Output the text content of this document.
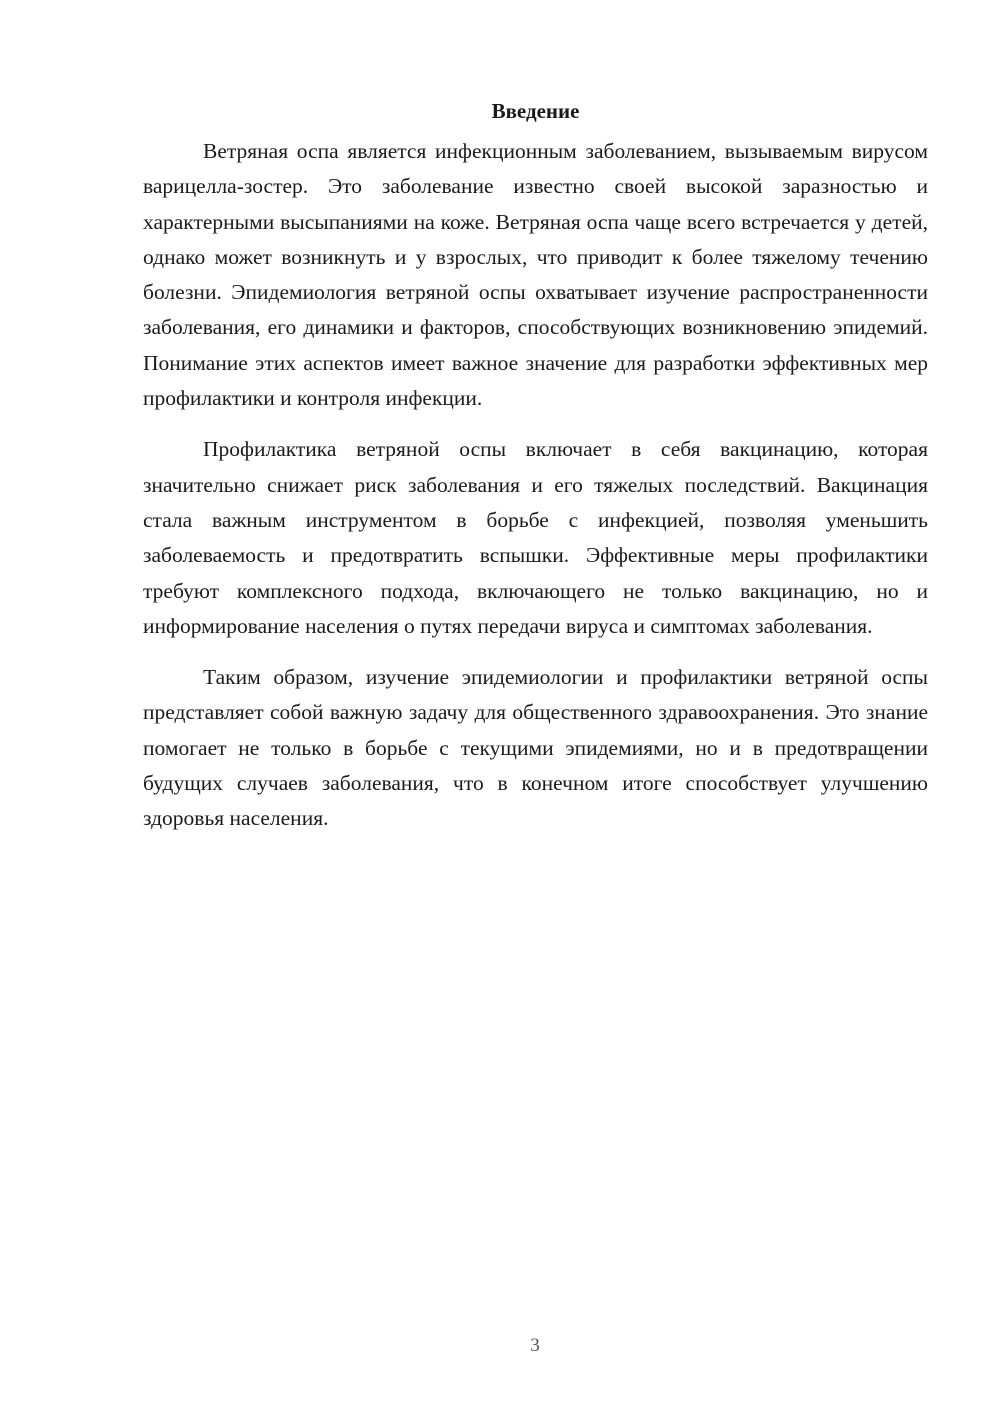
Введение

Ветряная оспа является инфекционным заболеванием, вызываемым вирусом варицелла-зостер. Это заболевание известно своей высокой заразностью и характерными высыпаниями на коже. Ветряная оспа чаще всего встречается у детей, однако может возникнуть и у взрослых, что приводит к более тяжелому течению болезни. Эпидемиология ветряной оспы охватывает изучение распространенности заболевания, его динамики и факторов, способствующих возникновению эпидемий. Понимание этих аспектов имеет важное значение для разработки эффективных мер профилактики и контроля инфекции.

Профилактика ветряной оспы включает в себя вакцинацию, которая значительно снижает риск заболевания и его тяжелых последствий. Вакцинация стала важным инструментом в борьбе с инфекцией, позволяя уменьшить заболеваемость и предотвратить вспышки. Эффективные меры профилактики требуют комплексного подхода, включающего не только вакцинацию, но и информирование населения о путях передачи вируса и симптомах заболевания.

Таким образом, изучение эпидемиологии и профилактики ветряной оспы представляет собой важную задачу для общественного здравоохранения. Это знание помогает не только в борьбе с текущими эпидемиями, но и в предотвращении будущих случаев заболевания, что в конечном итоге способствует улучшению здоровья населения.

3
